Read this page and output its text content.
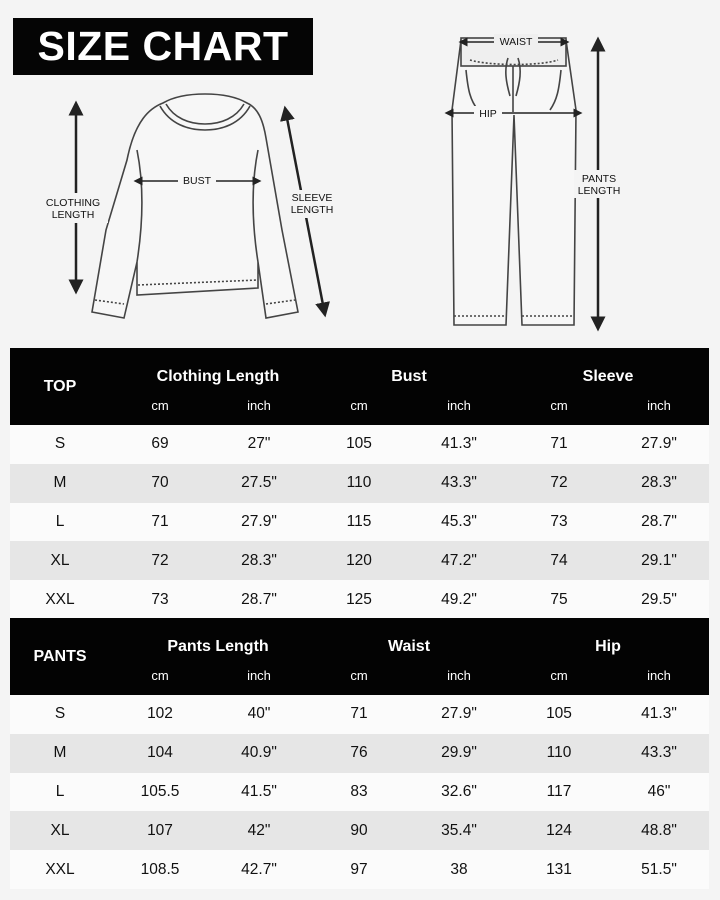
SIZE CHART
CLOTHING
LENGTH
BUST
SLEEVE
LENGTH
WAIST
HIP
PANTS
LENGTH
TOP
Clothing Length	Bust	Sleeve
cm	inch	cm	inch	cm	inch
S	69	27"	105	41.3"	71	27.9"
M	70	27.5"	110	43.3"	72	28.3"
L	71	27.9"	115	45.3"	73	28.7"
XL	72	28.3"	120	47.2"	74	29.1"
XXL	73	28.7"	125	49.2"	75	29.5"
PANTS
Pants Length	Waist	Hip
cm	inch	cm	inch	cm	inch
S	102	40"	71	27.9"	105	41.3"
M	104	40.9"	76	29.9"	110	43.3"
L	105.5	41.5"	83	32.6"	117	46"
XL	107	42"	90	35.4"	124	48.8"
XXL	108.5	42.7"	97	38	131	51.5"
